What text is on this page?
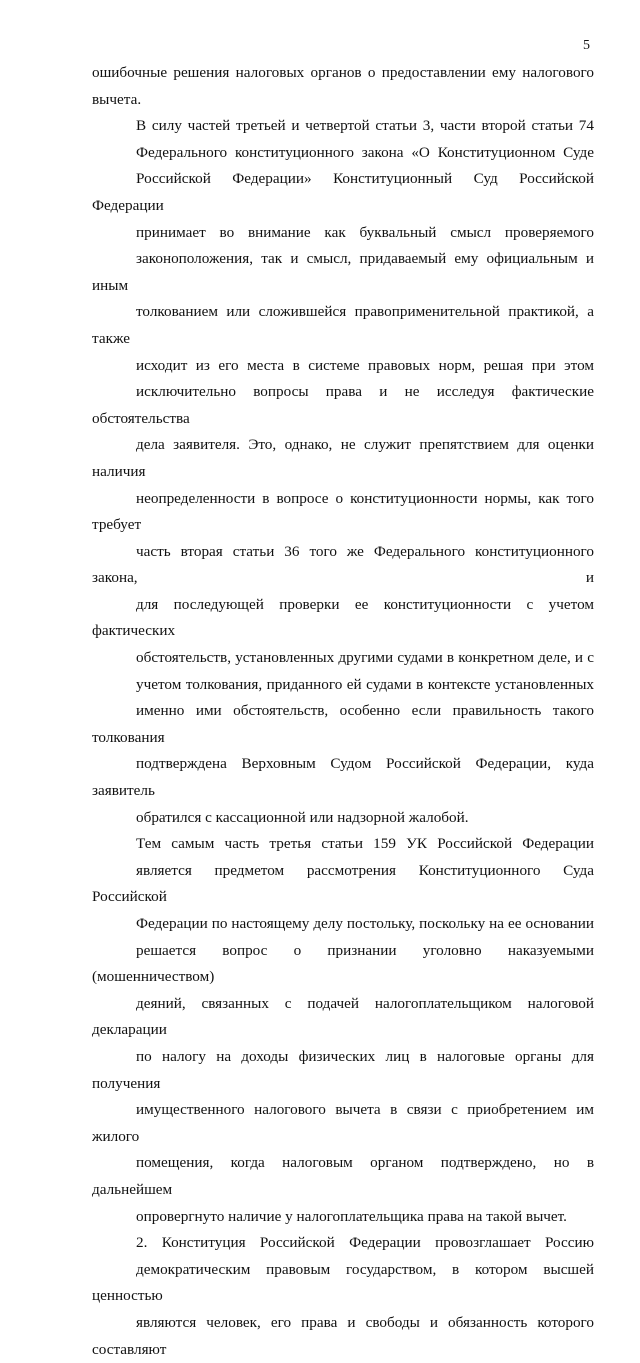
5

ошибочные решения налоговых органов о предоставлении ему налогового
вычета.

В силу частей третьей и четвертой статьи 3, части второй статьи 74
Федерального конституционного закона «О Конституционном Суде
Российской Федерации» Конституционный Суд Российской Федерации
принимает во внимание как буквальный смысл проверяемого
законоположения, так и смысл, придаваемый ему официальным и иным
толкованием или сложившейся правоприменительной практикой, а также
исходит из его места в системе правовых норм, решая при этом
исключительно вопросы права и не исследуя фактические обстоятельства
дела заявителя. Это, однако, не служит препятствием для оценки наличия
неопределенности в вопросе о конституционности нормы, как того требует
часть вторая статьи 36 того же Федерального конституционного закона, и
для последующей проверки ее конституционности с учетом фактических
обстоятельств, установленных другими судами в конкретном деле, и с
учетом толкования, приданного ей судами в контексте установленных
именно ими обстоятельств, особенно если правильность такого толкования
подтверждена Верховным Судом Российской Федерации, куда заявитель
обратился с кассационной или надзорной жалобой.

Тем самым часть третья статьи 159 УК Российской Федерации
является предметом рассмотрения Конституционного Суда Российской
Федерации по настоящему делу постольку, поскольку на ее основании
решается вопрос о признании уголовно наказуемыми (мошенничеством)
деяний, связанных с подачей налогоплательщиком налоговой декларации
по налогу на доходы физических лиц в налоговые органы для получения
имущественного налогового вычета в связи с приобретением им жилого
помещения, когда налоговым органом подтверждено, но в дальнейшем
опровергнуто наличие у налогоплательщика права на такой вычет.

2. Конституция Российской Федерации провозглашает Россию
демократическим правовым государством, в котором высшей ценностью
являются человек, его права и свободы и обязанность которого составляют
